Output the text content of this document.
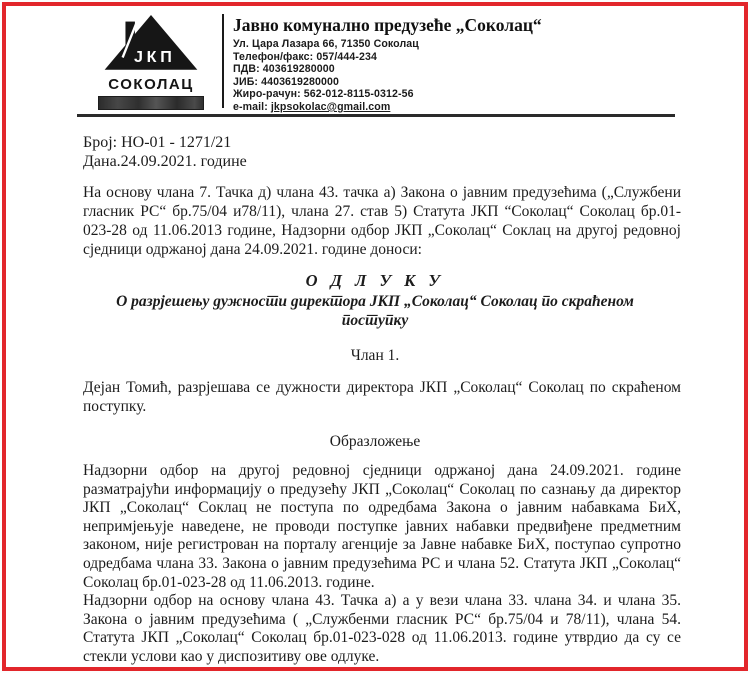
ЈКП
СОКОЛАЦ
Јавно комунално предузеће „Соколац“
Ул. Цара Лазара 66, 71350 Соколац
Телефон/факс: 057/444-234
ПДВ: 403619280000
ЈИБ: 4403619280000
Жиро-рачун: 562-012-8115-0312-56
e-mail: jkpsokolac@gmail.com
Број: НО-01 - 1271/21
Дана.24.09.2021. године
На основу члана 7. Тачка д) члана 43. тачка а) Закона о јавним предузећима („Службени гласник РС“ бр.75/04 и78/11), члана 27. став 5) Статута ЈКП “Соколац“ Соколац бр.01-023-28 од 11.06.2013 године, Надзорни одбор ЈКП „Соколац“ Соклац на другој редовној сједници одржаној дана 24.09.2021. године доноси:
О Д Л У К У
О разрјешењу дужности директора ЈКП „Соколац“ Соколац по скраћеном поступку
Члан 1.
Дејан Томић, разрјешава се дужности директора ЈКП „Соколац“ Соколац по скраћеном поступку.
Образложење

Надзорни одбор на другој редовној сједници одржаној дана 24.09.2021. године разматрајући информацију о предузећу ЈКП „Соколац“ Соколац по сазнању да директор ЈКП „Соколац“ Соклац не поступа по одредбама Закона о јавним набавкама БиХ, непримјењује наведене, не проводи поступке јавних набавки предвиђене предметним законом, није регистрован на порталу агенције за Јавне набавке БиХ, поступао супротно одредбама члана 33. Закона о јавним предузећима РС и члана 52. Статута ЈКП „Соколац“ Соколац бр.01-023-28 од 11.06.2013. године.

Надзорни одбор на основу члана 43. Тачка а) а у вези члана 33. члана 34. и члана 35. Закона о јавним предузећима ( „Службенми гласник РС“ бр.75/04 и 78/11), члана 54. Статута ЈКП „Соколац“ Соколац бр.01-023-028 од 11.06.2013. године утврдио да су се стекли услови као у диспозитиву ове одлуке.
